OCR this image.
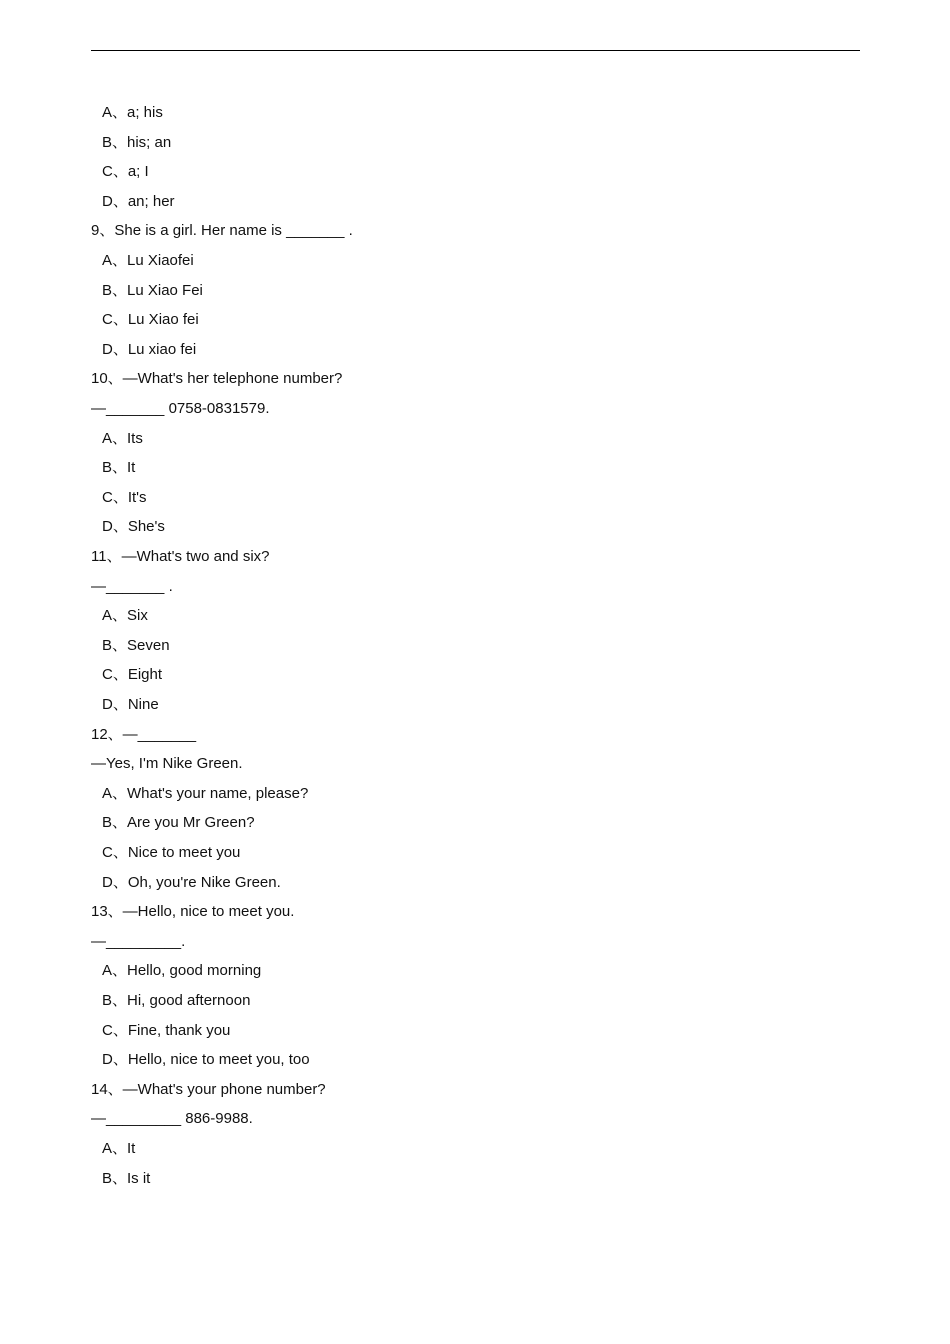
A、a; his
B、his; an
C、a; I
D、an; her
9、She is a girl. Her name is _______ .
A、Lu Xiaofei
B、Lu Xiao Fei
C、Lu Xiao fei
D、Lu xiao fei
10、—What's her telephone number?
—_______ 0758-0831579.
A、Its
B、It
C、It's
D、She's
11、—What's two and six?
—_______ .
A、Six
B、Seven
C、Eight
D、Nine
12、—_______
—Yes, I'm Nike Green.
A、What's your name, please?
B、Are you Mr Green?
C、Nice to meet you
D、Oh, you're Nike Green.
13、—Hello, nice to meet you.
—_________.
A、Hello, good morning
B、Hi, good afternoon
C、Fine, thank you
D、Hello, nice to meet you, too
14、—What's your phone number?
—_________ 886-9988.
A、It
B、Is it
